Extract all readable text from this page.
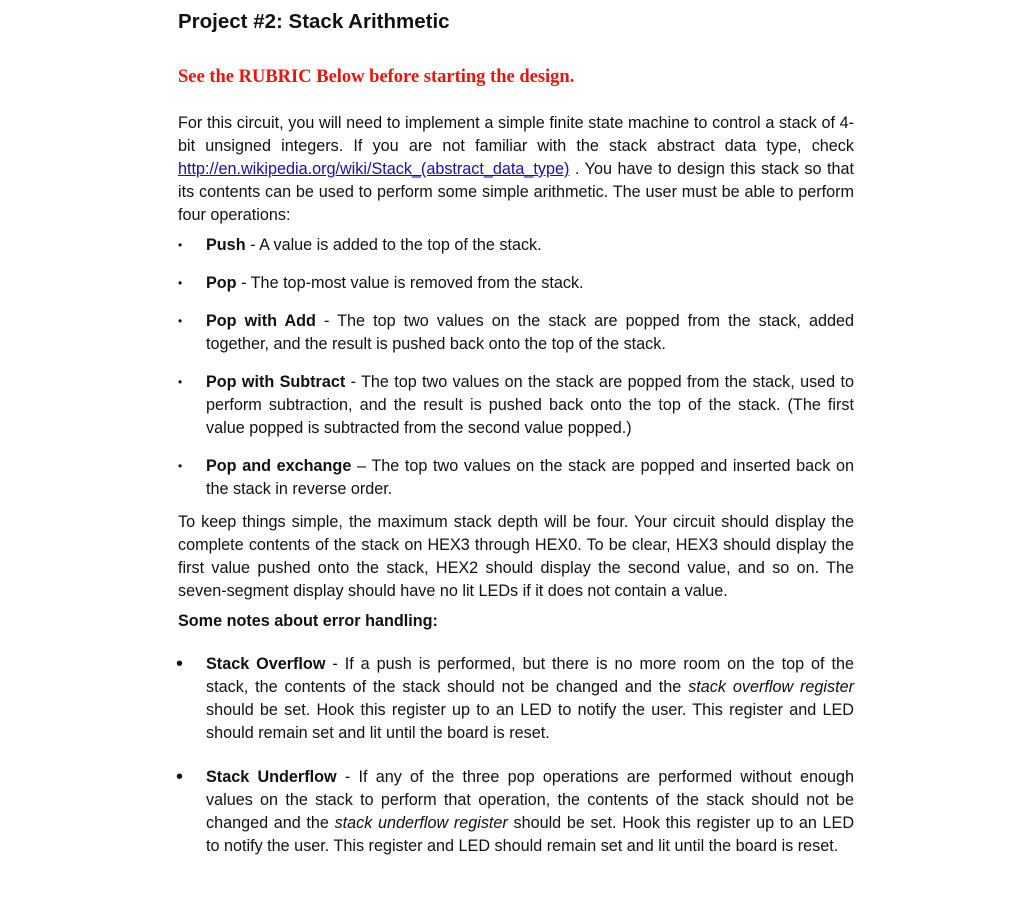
Project #2: Stack Arithmetic

See the RUBRIC Below before starting the design.

For this circuit, you will need to implement a simple finite state machine to control a stack of 4-bit unsigned integers. If you are not familiar with the stack abstract data type, check http://en.wikipedia.org/wiki/Stack_(abstract_data_type) . You have to design this stack so that its contents can be used to perform some simple arithmetic. The user must be able to perform four operations:

• Push - A value is added to the top of the stack.
• Pop - The top-most value is removed from the stack.
• Pop with Add - The top two values on the stack are popped from the stack, added together, and the result is pushed back onto the top of the stack.
• Pop with Subtract - The top two values on the stack are popped from the stack, used to perform subtraction, and the result is pushed back onto the top of the stack. (The first value popped is subtracted from the second value popped.)
• Pop and exchange – The top two values on the stack are popped and inserted back on the stack in reverse order.

To keep things simple, the maximum stack depth will be four. Your circuit should display the complete contents of the stack on HEX3 through HEX0. To be clear, HEX3 should display the first value pushed onto the stack, HEX2 should display the second value, and so on. The seven-segment display should have no lit LEDs if it does not contain a value.

Some notes about error handling:

• Stack Overflow - If a push is performed, but there is no more room on the top of the stack, the contents of the stack should not be changed and the stack overflow register should be set. Hook this register up to an LED to notify the user. This register and LED should remain set and lit until the board is reset.
• Stack Underflow - If any of the three pop operations are performed without enough values on the stack to perform that operation, the contents of the stack should not be changed and the stack underflow register should be set. Hook this register up to an LED to notify the user. This register and LED should remain set and lit until the board is reset.
